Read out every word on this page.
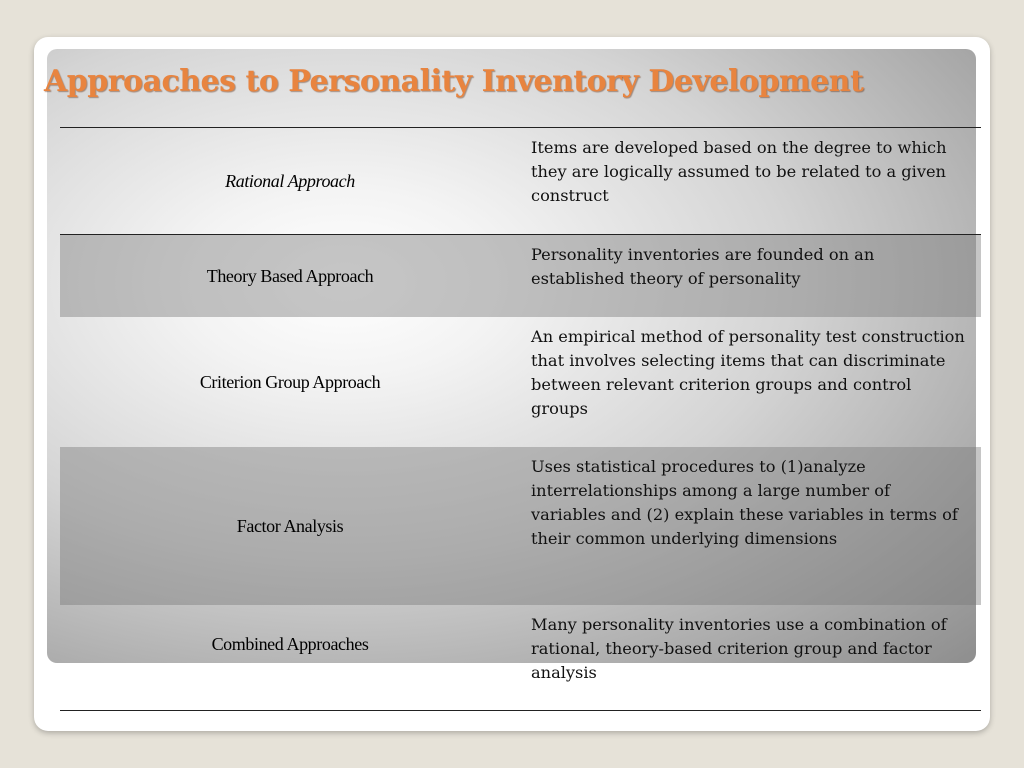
Approaches to Personality Inventory Development
Rational Approach
Items are developed based on the degree to which they are logically assumed to be related to a given construct
Theory Based Approach
Personality inventories are founded on an established theory of personality
Criterion Group Approach
An empirical method of personality test construction that involves selecting items that can discriminate between relevant criterion groups and control groups
Factor Analysis
Uses statistical procedures to (1)analyze interrelationships among a large number of variables and (2) explain these variables in terms of their common underlying dimensions
Combined Approaches
Many personality inventories use a combination of rational, theory-based criterion group and factor analysis
